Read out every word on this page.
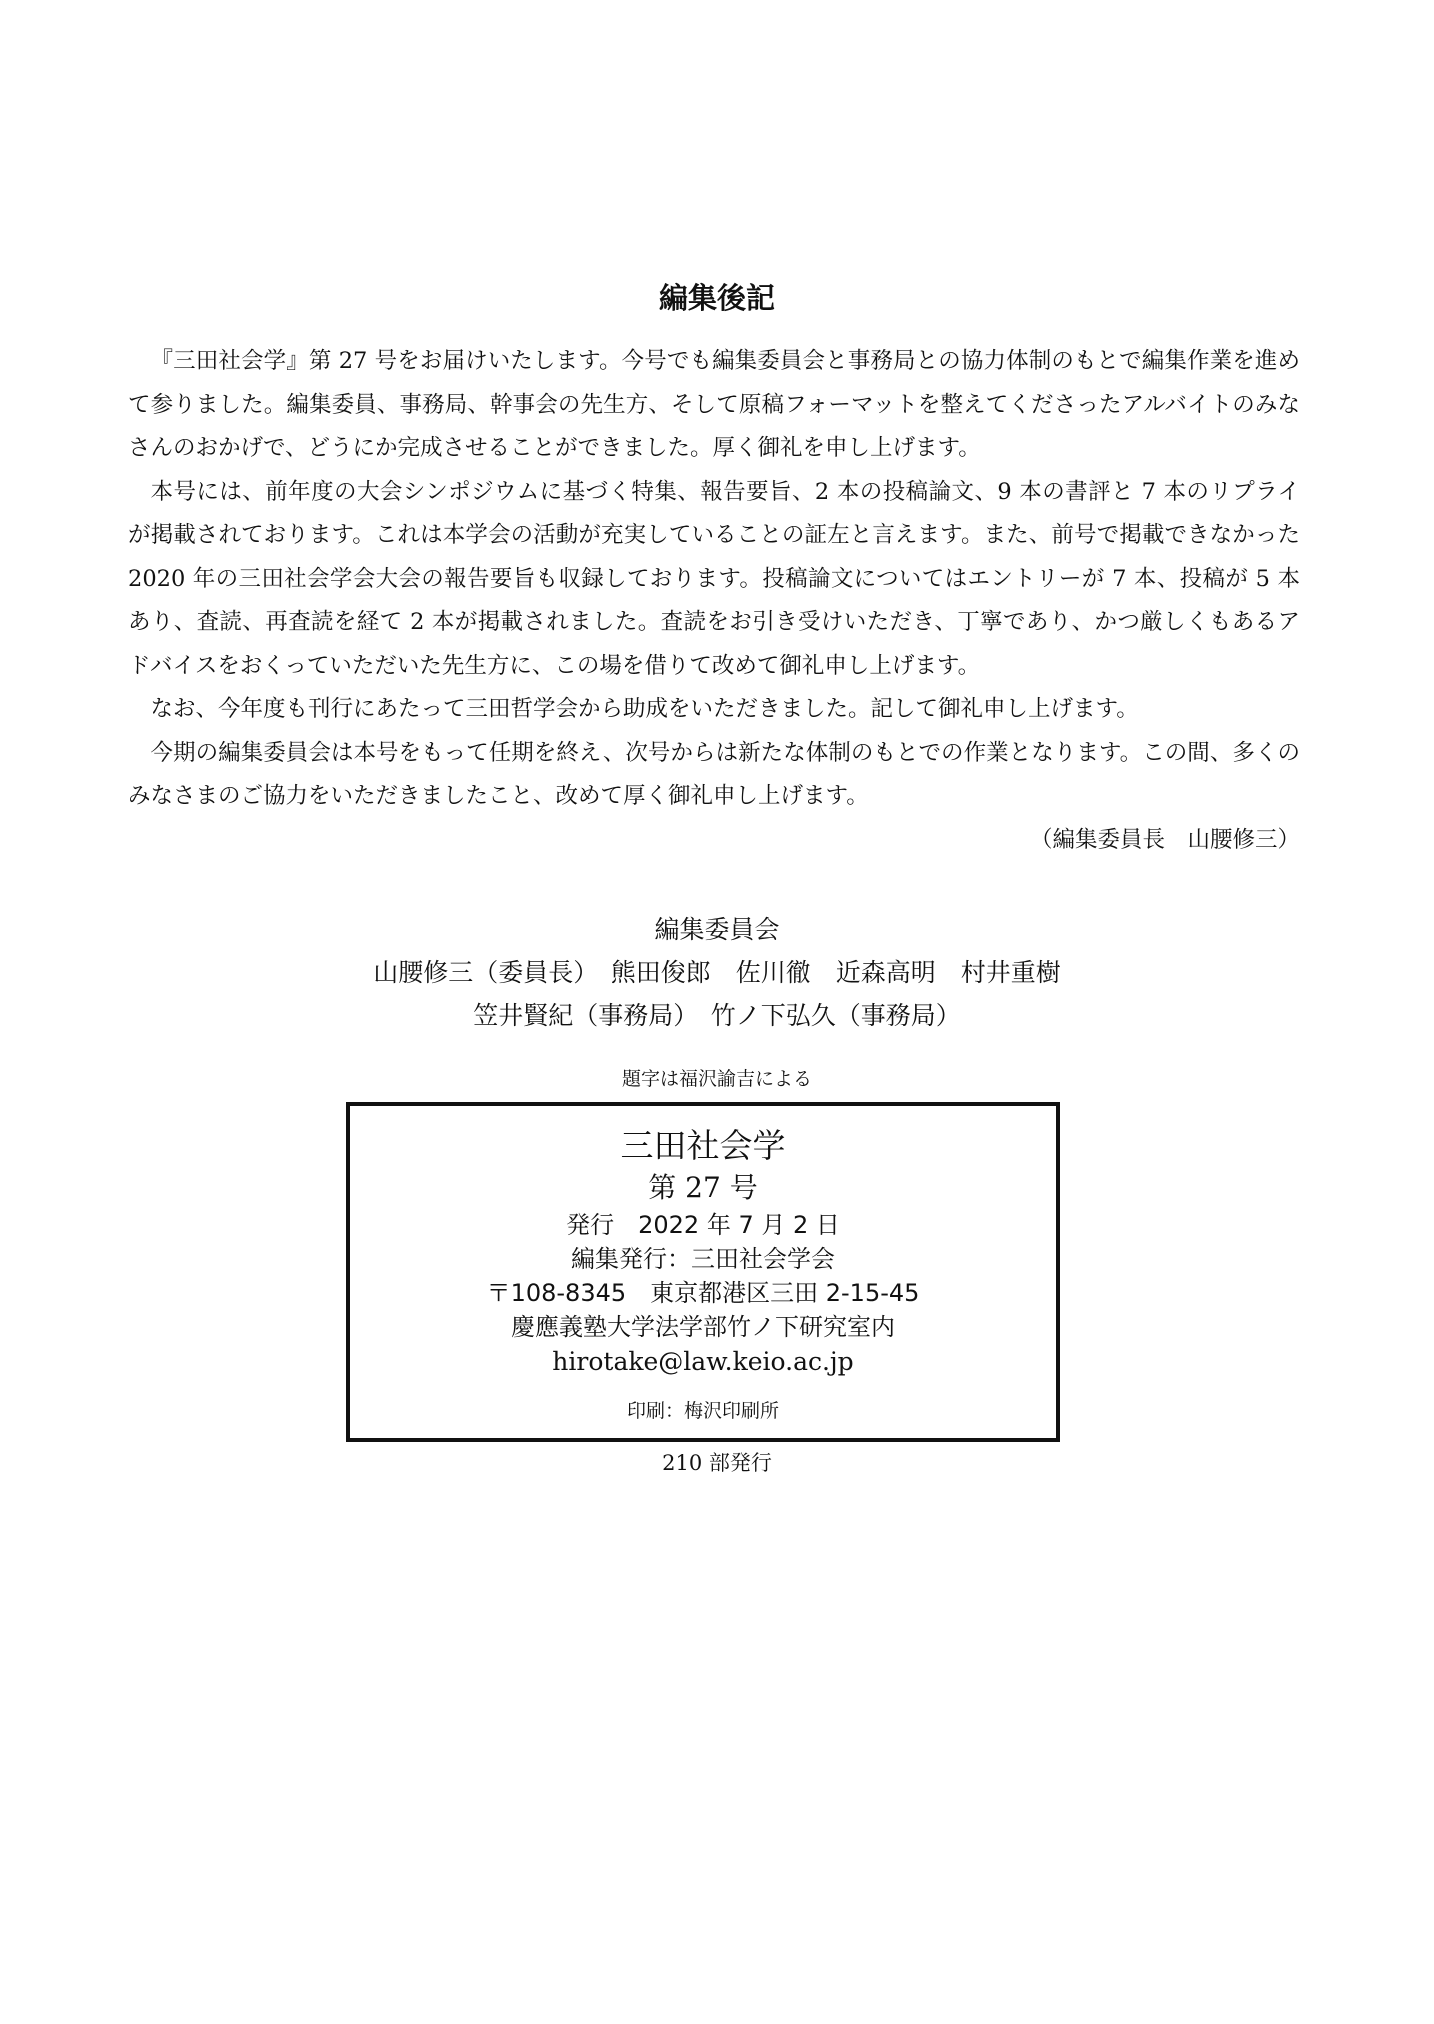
編集後記

『三田社会学』第 27 号をお届けいたします。今号でも編集委員会と事務局との協力体制のもとで編集作業を進めて参りました。編集委員、事務局、幹事会の先生方、そして原稿フォーマットを整えてくださったアルバイトのみなさんのおかげで、どうにか完成させることができました。厚く御礼を申し上げます。

本号には、前年度の大会シンポジウムに基づく特集、報告要旨、2 本の投稿論文、9 本の書評と 7 本のリプライが掲載されております。これは本学会の活動が充実していることの証左と言えます。また、前号で掲載できなかった 2020 年の三田社会学会大会の報告要旨も収録しております。投稿論文についてはエントリーが 7 本、投稿が 5 本あり、査読、再査読を経て 2 本が掲載されました。査読をお引き受けいただき、丁寧であり、かつ厳しくもあるアドバイスをおくっていただいた先生方に、この場を借りて改めて御礼申し上げます。

なお、今年度も刊行にあたって三田哲学会から助成をいただきました。記して御礼申し上げます。

今期の編集委員会は本号をもって任期を終え、次号からは新たな体制のもとでの作業となります。この間、多くのみなさまのご協力をいただきましたこと、改めて厚く御礼申し上げます。

（編集委員長　山腰修三）

編集委員会
山腰修三（委員長）　熊田俊郎　佐川徹　近森高明　村井重樹
笠井賢紀（事務局）　竹ノ下弘久（事務局）
題字は福沢諭吉による
三田社会学
第 27 号
発行　2022 年 7 月 2 日
編集発行：三田社会学会
〒108-8345　東京都港区三田 2-15-45
慶應義塾大学法学部竹ノ下研究室内
hirotake@law.keio.ac.jp
印刷：梅沢印刷所
210 部発行
